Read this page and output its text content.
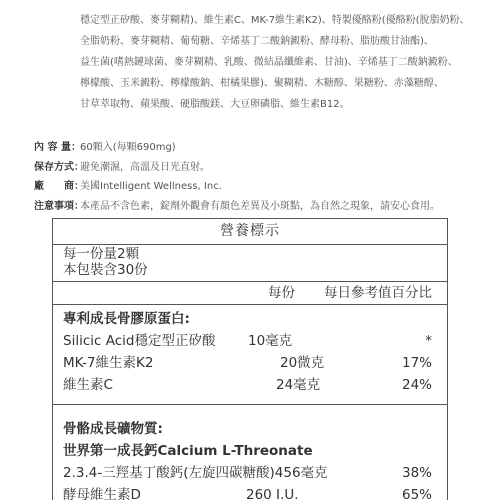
穩定型正矽酸、麥芽糊精)、維生素C、MK-7維生素K2)、特製優酪粉(優酪粉(脫脂奶粉、
全脂奶粉、麥芽糊精、葡萄糖、辛烯基丁二酸鈉澱粉、酵母粉、脂肪酸甘油酯)、
益生菌(嗜熱鏈球菌、麥芽糊精、乳酸、微結晶纖維素、甘油)、辛烯基丁二酸鈉澱粉、
檸檬酸、玉米澱粉、檸檬酸鈉、柑橘果膠)、聚糊精、木糖醇、果糖粉、赤藻糖醇、
甘草萃取物、蘋果酸、硬脂酸鎂、大豆卵磷脂、維生素B12。
內 容 量： 60顆入(每顆690mg)
保存方式：
避免潮濕，高溫及日光直射。
廠　　商：
美國Intelligent Wellness, Inc.
注意事項：
本產品不含色素，錠劑外觀會有顏色差異及小斑點，為自然之現象，請安心食用。
營養標示
每一份量2顆
本包裝含30份
每份 每日參考值百分比
專利成長骨膠原蛋白:
Silicic Acid穩定型正矽酸 10毫克	*
MK-7維生素K2	20微克	17%
維生素C	24毫克	24%
骨骼成長礦物質:
世界第一成長鈣Calcium L-Threonate
2.3.4-三羥基丁酸鈣(左旋四碳糖酸)456毫克	38%
酵母維生素D	260 I.U.	65%
